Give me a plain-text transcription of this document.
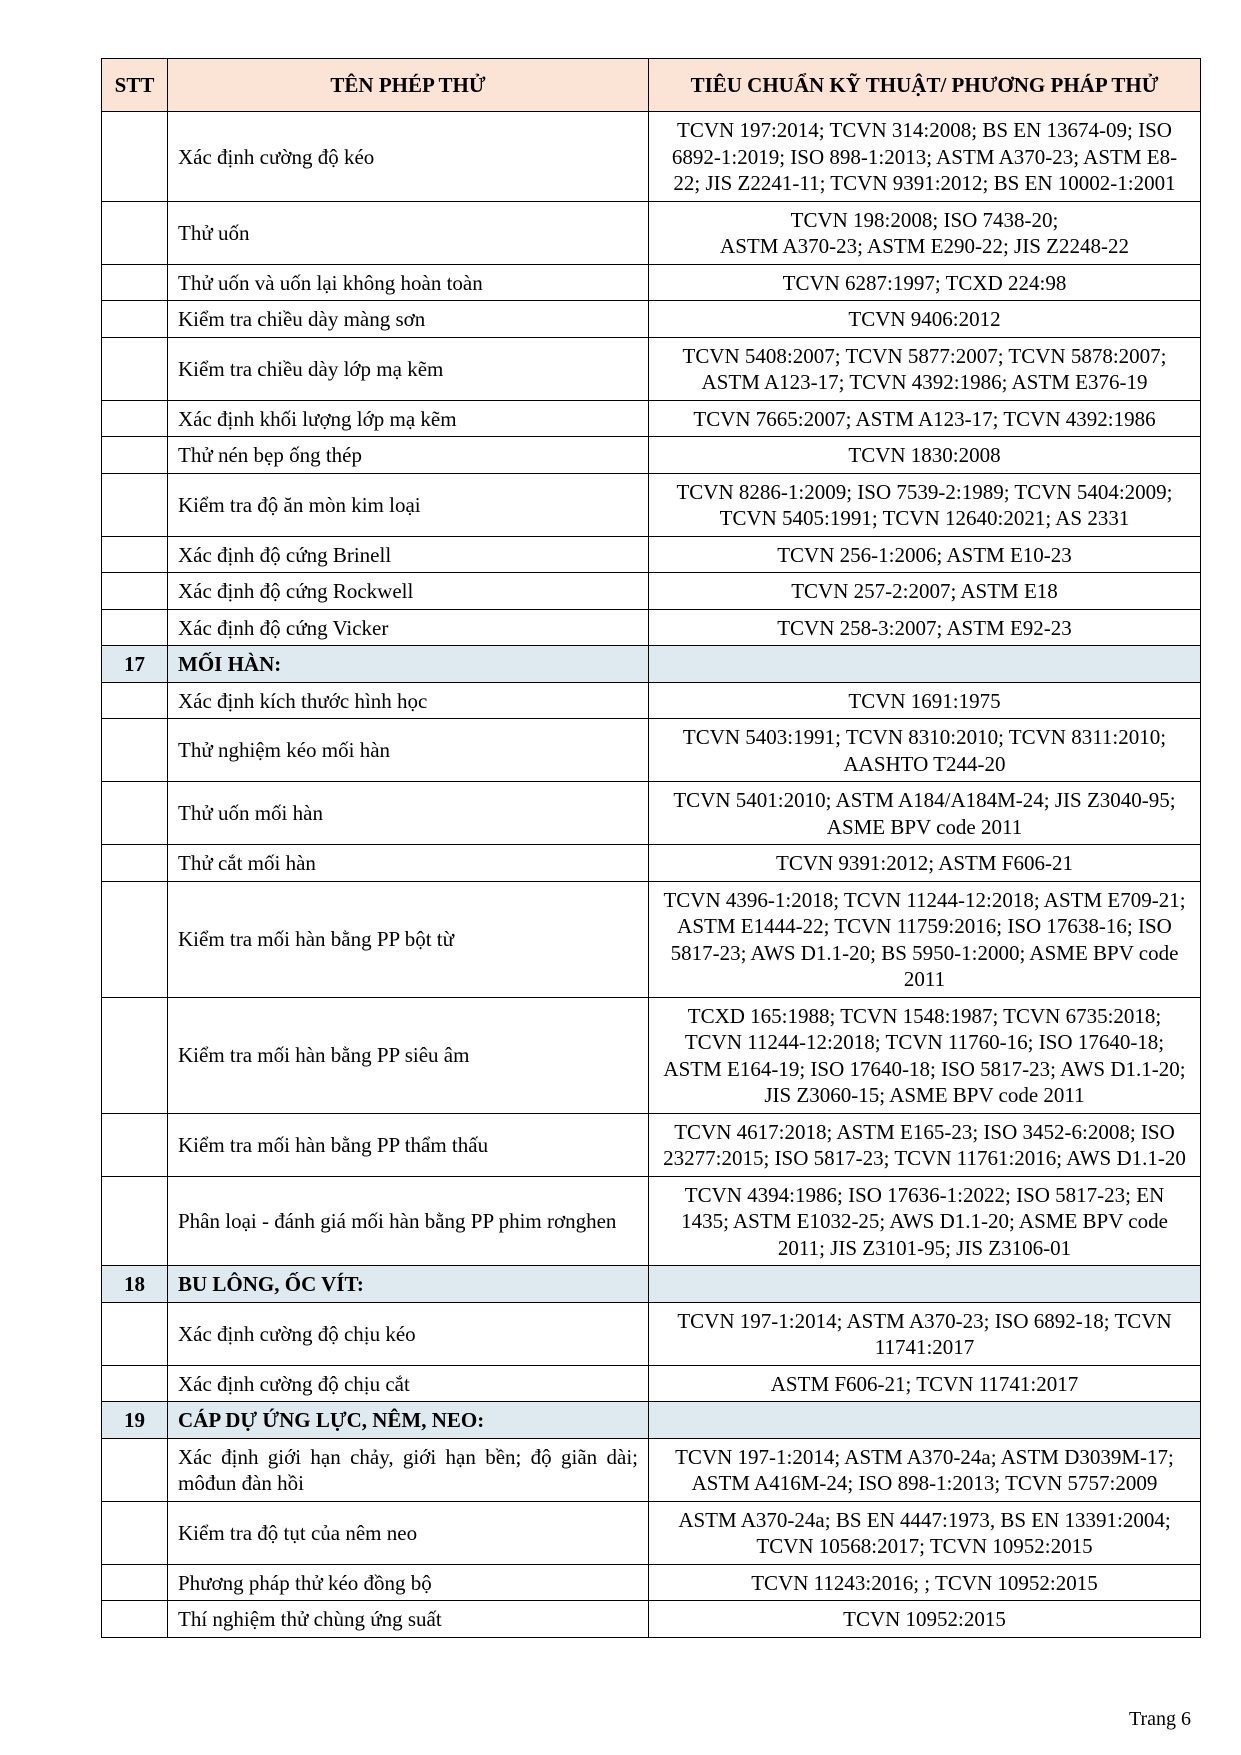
STT	TÊN PHÉP THỬ	TIÊU CHUẨN KỸ THUẬT/ PHƯƠNG PHÁP THỬ
	Xác định cường độ kéo	TCVN 197:2014; TCVN 314:2008; BS EN 13674-09; ISO 6892-1:2019; ISO 898-1:2013; ASTM A370-23; ASTM E8-22; JIS Z2241-11; TCVN 9391:2012; BS EN 10002-1:2001
	Thử uốn	TCVN 198:2008; ISO 7438-20;
ASTM A370-23; ASTM E290-22; JIS Z2248-22
	Thử uốn và uốn lại không hoàn toàn	TCVN 6287:1997; TCXD 224:98
	Kiểm tra chiều dày màng sơn	TCVN 9406:2012
	Kiểm tra chiều dày lớp mạ kẽm	TCVN 5408:2007; TCVN 5877:2007; TCVN 5878:2007; ASTM A123-17; TCVN 4392:1986; ASTM E376-19
	Xác định khối lượng lớp mạ kẽm	TCVN 7665:2007; ASTM A123-17; TCVN 4392:1986
	Thử nén bẹp ống thép	TCVN 1830:2008
	Kiểm tra độ ăn mòn kim loại	TCVN 8286-1:2009; ISO 7539-2:1989; TCVN 5404:2009; TCVN 5405:1991; TCVN 12640:2021; AS 2331
	Xác định độ cứng Brinell	TCVN 256-1:2006; ASTM E10-23
	Xác định độ cứng Rockwell	TCVN 257-2:2007; ASTM E18
	Xác định độ cứng Vicker	TCVN 258-3:2007; ASTM E92-23
17	MỐI HÀN:	
	Xác định kích thước hình học	TCVN 1691:1975
	Thử nghiệm kéo mối hàn	TCVN 5403:1991; TCVN 8310:2010; TCVN 8311:2010; AASHTO T244-20
	Thử uốn mối hàn	TCVN 5401:2010; ASTM A184/A184M-24; JIS Z3040-95; ASME BPV code 2011
	Thử cắt mối hàn	TCVN 9391:2012; ASTM F606-21
	Kiểm tra mối hàn bằng PP bột từ	TCVN 4396-1:2018; TCVN 11244-12:2018; ASTM E709-21; ASTM E1444-22; TCVN 11759:2016; ISO 17638-16; ISO 5817-23; AWS D1.1-20; BS 5950-1:2000; ASME BPV code 2011
	Kiểm tra mối hàn bằng PP siêu âm	TCXD 165:1988; TCVN 1548:1987; TCVN 6735:2018; TCVN 11244-12:2018; TCVN 11760-16; ISO 17640-18; ASTM E164-19; ISO 17640-18; ISO 5817-23; AWS D1.1-20; JIS Z3060-15; ASME BPV code 2011
	Kiểm tra mối hàn bằng PP thẩm thấu	TCVN 4617:2018; ASTM E165-23; ISO 3452-6:2008; ISO 23277:2015; ISO 5817-23; TCVN 11761:2016; AWS D1.1-20
	Phân loại - đánh giá mối hàn bằng PP phim rơnghen	TCVN 4394:1986; ISO 17636-1:2022; ISO 5817-23; EN 1435; ASTM E1032-25; AWS D1.1-20; ASME BPV code 2011; JIS Z3101-95; JIS Z3106-01
18	BU LÔNG, ỐC VÍT:	
	Xác định cường độ chịu kéo	TCVN 197-1:2014; ASTM A370-23; ISO 6892-18; TCVN 11741:2017
	Xác định cường độ chịu cắt	ASTM F606-21; TCVN 11741:2017
19	CÁP DỰ ỨNG LỰC, NÊM, NEO:	
	Xác định giới hạn chảy, giới hạn bền; độ giãn dài; môđun đàn hồi	TCVN 197-1:2014; ASTM A370-24a; ASTM D3039M-17; ASTM A416M-24; ISO 898-1:2013; TCVN 5757:2009
	Kiểm tra độ tụt của nêm neo	ASTM A370-24a; BS EN 4447:1973, BS EN 13391:2004; TCVN 10568:2017; TCVN 10952:2015
	Phương pháp thử kéo đồng bộ	TCVN 11243:2016; ; TCVN 10952:2015
	Thí nghiệm thử chùng ứng suất	TCVN 10952:2015
Trang 6
